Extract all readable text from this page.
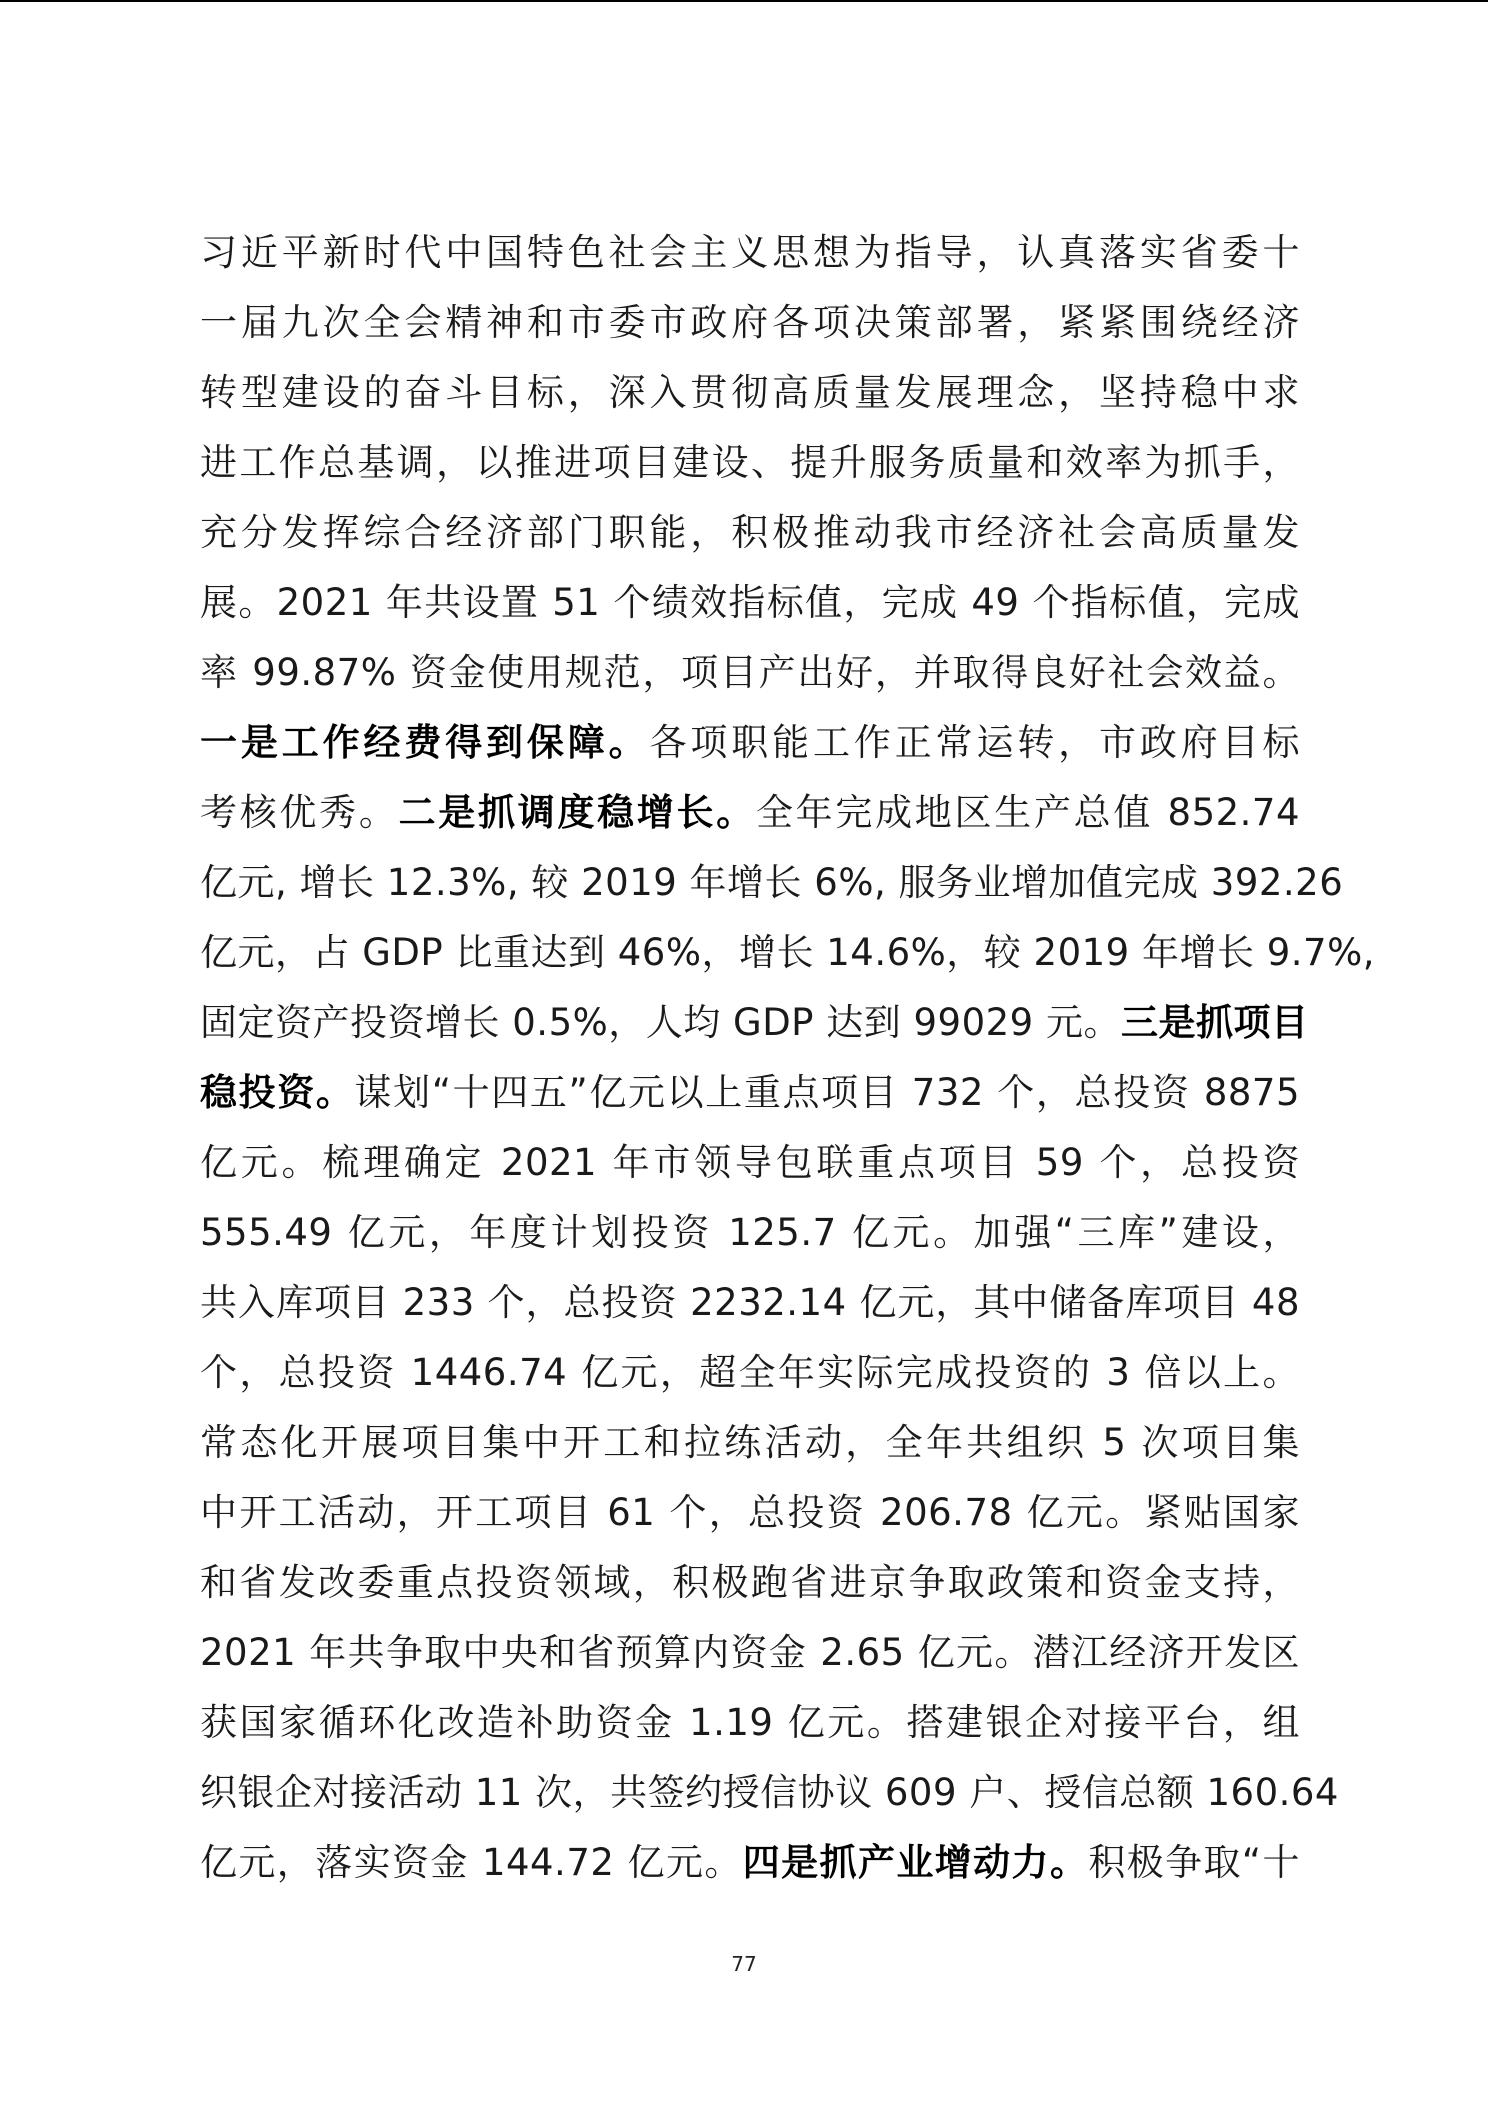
习近平新时代中国特色社会主义思想为指导，认真落实省委十
一届九次全会精神和市委市政府各项决策部署，紧紧围绕经济
转型建设的奋斗目标，深入贯彻高质量发展理念，坚持稳中求
进工作总基调，以推进项目建设、提升服务质量和效率为抓手，
充分发挥综合经济部门职能，积极推动我市经济社会高质量发
展。2021 年共设置 51 个绩效指标值，完成 49 个指标值，完成
率 99.87% 资金使用规范，项目产出好，并取得良好社会效益。
一是工作经费得到保障。各项职能工作正常运转，市政府目标
考核优秀。二是抓调度稳增长。全年完成地区生产总值 852.74
亿元, 增长 12.3%, 较 2019 年增长 6%, 服务业增加值完成 392.26
亿元，占 GDP 比重达到 46%，增长 14.6%，较 2019 年增长 9.7%,
固定资产投资增长 0.5%，人均 GDP 达到 99029 元。三是抓项目
稳投资。谋划“十四五”亿元以上重点项目 732 个，总投资 8875
亿元。梳理确定 2021 年市领导包联重点项目 59 个，总投资
555.49 亿元，年度计划投资 125.7 亿元。加强“三库”建设，
共入库项目 233 个，总投资 2232.14 亿元，其中储备库项目 48
个，总投资 1446.74 亿元，超全年实际完成投资的 3 倍以上。
常态化开展项目集中开工和拉练活动，全年共组织 5 次项目集
中开工活动，开工项目 61 个，总投资 206.78 亿元。紧贴国家
和省发改委重点投资领域，积极跑省进京争取政策和资金支持，
2021 年共争取中央和省预算内资金 2.65 亿元。潜江经济开发区
获国家循环化改造补助资金 1.19 亿元。搭建银企对接平台，组
织银企对接活动 11 次，共签约授信协议 609 户、授信总额 160.64
亿元，落实资金 144.72 亿元。四是抓产业增动力。积极争取“十
77
